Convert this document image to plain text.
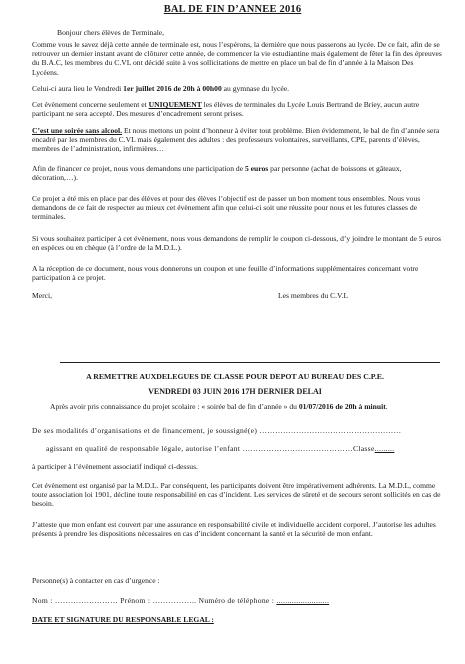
BAL DE FIN D’ANNEE 2016

Bonjour chers élèves de Terminale,

Comme vous le savez déjà cette année de terminale est, nous l’espérons, la dernière que nous passerons au lycée. De ce fait, afin de se retrouver un dernier instant avant de clôturer cette année, de commencer la vie estudiantine mais également de fêter la fin des épreuves du B.A.C, les membres du C.VL ont décidé suite à vos sollicitations de mettre en place un bal de fin d’année à la Maison Des Lycéens.

Celui-ci aura lieu le Vendredi 1er juillet 2016 de 20h à 00h00 au gymnase du lycée.

Cet évènement concerne seulement et UNIQUEMENT les élèves de terminales du Lycée Louis Bertrand de Briey, aucun autre participant ne sera accepté. Des mesures d’encadrement seront prises.

C’est une soirée sans alcool. Et nous mettons un point d’honneur à éviter tout problème. Bien évidemment, le bal de fin d’année sera encadré par les membres du C.VL mais également des adultes : des professeurs volontaires, surveillants, CPE, parents d’élèves, membres de l’administration, infirmières…

Afin de financer ce projet, nous vous demandons une participation de 5 euros par personne (achat de boissons et gâteaux, décoration,…).

Ce projet a été mis en place par des élèves et pour des élèves l’objectif est de passer un bon moment tous ensembles. Nous vous demandons de ce fait de respecter au mieux cet évènement afin que celui-ci soit une réussite pour nous et les futures classes de terminales.

Si vous souhaitez participer à cet évènement, nous vous demandons de remplir le coupon ci-dessous, d’y joindre le montant de 5 euros en espèces ou en chèque (à l’ordre de la M.D.L.).

A la réception de ce document, nous vous donnerons un coupon et une feuille d’informations supplémentaires concernant votre participation à ce projet.

Merci,	Les membres du C.V.L

A REMETTRE AUXDELEGUES DE CLASSE POUR DEPOT AU BUREAU DES C.P.E.

VENDREDI 03 JUIN 2016 17H DERNIER DELAI

Après avoir pris connaissance du projet scolaire : « soirée bal de fin d’année » du 01/07/2016 de 20h à minuit.

De ses modalités d’organisations et de financement, je soussigné(e) ………………………………………………

agissant en qualité de responsable légale, autorise l’enfant ……………………………………Classe.........

à participer à l’évènement associatif indiqué ci-dessus.

Cet évènement est organisé par la M.D.L. Par conséquent, les participants doivent être impérativement adhérents. La M.D.L, comme toute association loi 1901, décline toute responsabilité en cas d’incident. Les services de sûreté et de secours seront sollicités en cas de besoin.

J’atteste que mon enfant est couvert par une assurance en responsabilité civile et individuelle accident corporel. J’autorise les adultes présents à prendre les dispositions nécessaires en cas d’incident concernant la santé et la sécurité de mon enfant.

Personne(s) à contacter en cas d’urgence :

Nom : …………………… Prénom : …………….. Numéro de téléphone : ........................

DATE ET SIGNATURE DU RESPONSABLE LEGAL :
